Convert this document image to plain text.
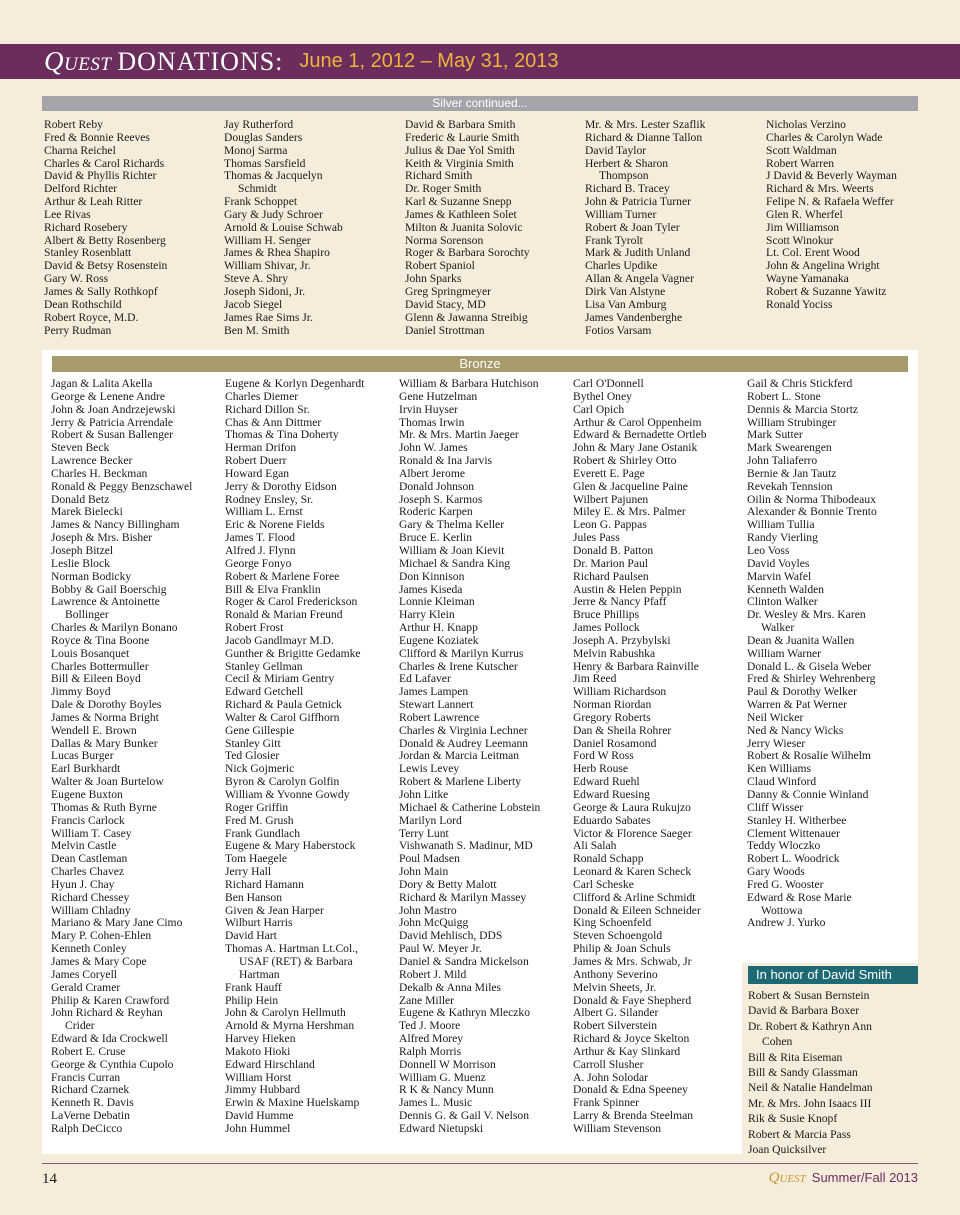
Quest DONATIONS: June 1, 2012 – May 31, 2013
Silver continued...
Robert Reby
Fred & Bonnie Reeves
Charna Reichel
Charles & Carol Richards
David & Phyllis Richter
Delford Richter
Arthur & Leah Ritter
Lee Rivas
Richard Rosebery
Albert & Betty Rosenberg
Stanley Rosenblatt
David & Betsy Rosenstein
Gary W. Ross
James & Sally Rothkopf
Dean Rothschild
Robert Royce, M.D.
Perry Rudman
Jay Rutherford
Douglas Sanders
Monoj Sarma
Thomas Sarsfield
Thomas & Jacquelyn
Schmidt
Frank Schoppet
Gary & Judy Schroer
Arnold & Louise Schwab
William H. Senger
James & Rhea Shapiro
William Shivar, Jr.
Steve A. Shry
Joseph Sidoni, Jr.
Jacob Siegel
James Rae Sims Jr.
Ben M. Smith
David & Barbara Smith
Frederic & Laurie Smith
Julius & Dae Yol Smith
Keith & Virginia Smith
Richard Smith
Dr. Roger Smith
Karl & Suzanne Snepp
James & Kathleen Solet
Milton & Juanita Solovic
Norma Sorenson
Roger & Barbara Sorochty
Robert Spaniol
John Sparks
Greg Springmeyer
David Stacy, MD
Glenn & Jawanna Streibig
Daniel Strottman
Mr. & Mrs. Lester Szaflik
Richard & Dianne Tallon
David Taylor
Herbert & Sharon
Thompson
Richard B. Tracey
John & Patricia Turner
William Turner
Robert & Joan Tyler
Frank Tyrolt
Mark & Judith Unland
Charles Updike
Allan & Angela Vagner
Dirk Van Alstyne
Lisa Van Amburg
James Vandenberghe
Fotios Varsam
Nicholas Verzino
Charles & Carolyn Wade
Scott Waldman
Robert Warren
J David & Beverly Wayman
Richard & Mrs. Weerts
Felipe N. & Rafaela Weffer
Glen R. Wherfel
Jim Williamson
Scott Winokur
Lt. Col. Erent Wood
John & Angelina Wright
Wayne Yamanaka
Robert & Suzanne Yawitz
Ronald Yociss
Bronze
Jagan & Lalita Akella
George & Lenene Andre
John & Joan Andrzejewski
Jerry & Patricia Arrendale
Robert & Susan Ballenger
Steven Beck
Lawrence Becker
Charles H. Beckman
Ronald & Peggy Benzschawel
Donald Betz
Marek Bielecki
James & Nancy Billingham
Joseph & Mrs. Bisher
Joseph Bitzel
Leslie Block
Norman Bodicky
Bobby & Gail Boerschig
Lawrence & Antoinette
Bollinger
Charles & Marilyn Bonano
Royce & Tina Boone
Louis Bosanquet
Charles Bottermuller
Bill & Eileen Boyd
Jimmy Boyd
Dale & Dorothy Boyles
James & Norma Bright
Wendell E. Brown
Dallas & Mary Bunker
Lucas Burger
Earl Burkhardt
Walter & Joan Burtelow
Eugene Buxton
Thomas & Ruth Byrne
Francis Carlock
William T. Casey
Melvin Castle
Dean Castleman
Charles Chavez
Hyun J. Chay
Richard Chessey
William Chladny
Mariano & Mary Jane Cimo
Mary P. Cohen-Ehlen
Kenneth Conley
James & Mary Cope
James Coryell
Gerald Cramer
Philip & Karen Crawford
John Richard & Reyhan
Crider
Edward & Ida Crockwell
Robert E. Cruse
George & Cynthia Cupolo
Francis Curran
Richard Czarnek
Kenneth R. Davis
LaVerne Debatin
Ralph DeCicco
Eugene & Korlyn Degenhardt
Charles Diemer
Richard Dillon Sr.
Chas & Ann Dittmer
Thomas & Tina Doherty
Herman Drifon
Robert Duerr
Howard Egan
Jerry & Dorothy Eidson
Rodney Ensley, Sr.
William L. Ernst
Eric & Norene Fields
James T. Flood
Alfred J. Flynn
George Fonyo
Robert & Marlene Foree
Bill & Elva Franklin
Roger & Carol Frederickson
Ronald & Marian Freund
Robert Frost
Jacob Gandlmayr M.D.
Gunther & Brigitte Gedamke
Stanley Gellman
Cecil & Miriam Gentry
Edward Getchell
Richard & Paula Getnick
Walter & Carol Giffhorn
Gene Gillespie
Stanley Gitt
Ted Glosier
Nick Gojmeric
Byron & Carolyn Golfin
William & Yvonne Gowdy
Roger Griffin
Fred M. Grush
Frank Gundlach
Eugene & Mary Haberstock
Tom Haegele
Jerry Hall
Richard Hamann
Ben Hanson
Given & Jean Harper
Wilburt Harris
David Hart
Thomas A. Hartman Lt.Col.,
USAF (RET) & Barbara
Hartman
Frank Hauff
Philip Hein
John & Carolyn Hellmuth
Arnold & Myrna Hershman
Harvey Hieken
Makoto Hioki
Edward Hirschland
William Horst
Jimmy Hubbard
Erwin & Maxine Huelskamp
David Humme
John Hummel
William & Barbara Hutchison
Gene Hutzelman
Irvin Huyser
Thomas Irwin
Mr. & Mrs. Martin Jaeger
John W. James
Ronald & Ina Jarvis
Albert Jerome
Donald Johnson
Joseph S. Karmos
Roderic Karpen
Gary & Thelma Keller
Bruce E. Kerlin
William & Joan Kievit
Michael & Sandra King
Don Kinnison
James Kiseda
Lonnie Kleiman
Harry Klein
Arthur H. Knapp
Eugene Koziatek
Clifford & Marilyn Kurrus
Charles & Irene Kutscher
Ed Lafaver
James Lampen
Stewart Lannert
Robert Lawrence
Charles & Virginia Lechner
Donald & Audrey Leemann
Jordan & Marcia Leitman
Lewis Levey
Robert & Marlene Liberty
John Litke
Michael & Catherine Lobstein
Marilyn Lord
Terry Lunt
Vishwanath S. Madinur, MD
Poul Madsen
John Main
Dory & Betty Malott
Richard & Marilyn Massey
John Mastro
John McQuigg
David Mehlisch, DDS
Paul W. Meyer Jr.
Daniel & Sandra Mickelson
Robert J. Mild
Dekalb & Anna Miles
Zane Miller
Eugene & Kathryn Mleczko
Ted J. Moore
Alfred Morey
Ralph Morris
Donnell W Morrison
William G. Muenz
R K & Nancy Munn
James L. Music
Dennis G. & Gail V. Nelson
Edward Nietupski
Carl O'Donnell
Bythel Oney
Carl Opich
Arthur & Carol Oppenheim
Edward & Bernadette Ortleb
John & Mary Jane Ostanik
Robert & Shirley Otto
Everett E. Page
Glen & Jacqueline Paine
Wilbert Pajunen
Miley E. & Mrs. Palmer
Leon G. Pappas
Jules Pass
Donald B. Patton
Dr. Marion Paul
Richard Paulsen
Austin & Helen Peppin
Jerre & Nancy Pfaff
Bruce Phillips
James Pollock
Joseph A. Przybylski
Melvin Rabushka
Henry & Barbara Rainville
Jim Reed
William Richardson
Norman Riordan
Gregory Roberts
Dan & Sheila Rohrer
Daniel Rosamond
Ford W Ross
Herb Rouse
Edward Ruehl
Edward Ruesing
George & Laura Rukujzo
Eduardo Sabates
Victor & Florence Saeger
Ali Salah
Ronald Schapp
Leonard & Karen Scheck
Carl Scheske
Clifford & Arline Schmidt
Donald & Eileen Schneider
King Schoenfeld
Steven Schoengold
Philip & Joan Schuls
James & Mrs. Schwab, Jr
Anthony Severino
Melvin Sheets, Jr.
Donald & Faye Shepherd
Albert G. Silander
Robert Silverstein
Richard & Joyce Skelton
Arthur & Kay Slinkard
Carroll Slusher
A. John Solodar
Donald & Edna Speeney
Frank Spinner
Larry & Brenda Steelman
William Stevenson
Gail & Chris Stickferd
Robert L. Stone
Dennis & Marcia Stortz
William Strubinger
Mark Sutter
Mark Swearengen
John Taliaferro
Bernie & Jan Tautz
Revekah Tennsion
Oilin & Norma Thibodeaux
Alexander & Bonnie Trento
William Tullia
Randy Vierling
Leo Voss
David Voyles
Marvin Wafel
Kenneth Walden
Clinton Walker
Dr. Wesley & Mrs. Karen
Walker
Dean & Juanita Wallen
William Warner
Donald L. & Gisela Weber
Fred & Shirley Wehrenberg
Paul & Dorothy Welker
Warren & Pat Werner
Neil Wicker
Ned & Nancy Wicks
Jerry Wieser
Robert & Rosalie Wilhelm
Ken Williams
Claud Winford
Danny & Connie Winland
Cliff Wisser
Stanley H. Witherbee
Clement Wittenauer
Teddy Wloczko
Robert L. Woodrick
Gary Woods
Fred G. Wooster
Edward & Rose Marie
Wottowa
Andrew J. Yurko
In honor of David Smith
Robert & Susan Bernstein
David & Barbara Boxer
Dr. Robert & Kathryn Ann
Cohen
Bill & Rita Eiseman
Bill & Sandy Glassman
Neil & Natalie Handelman
Mr. & Mrs. John Isaacs III
Rik & Susie Knopf
Robert & Marcia Pass
Joan Quicksilver
14	Quest Summer/Fall 2013
